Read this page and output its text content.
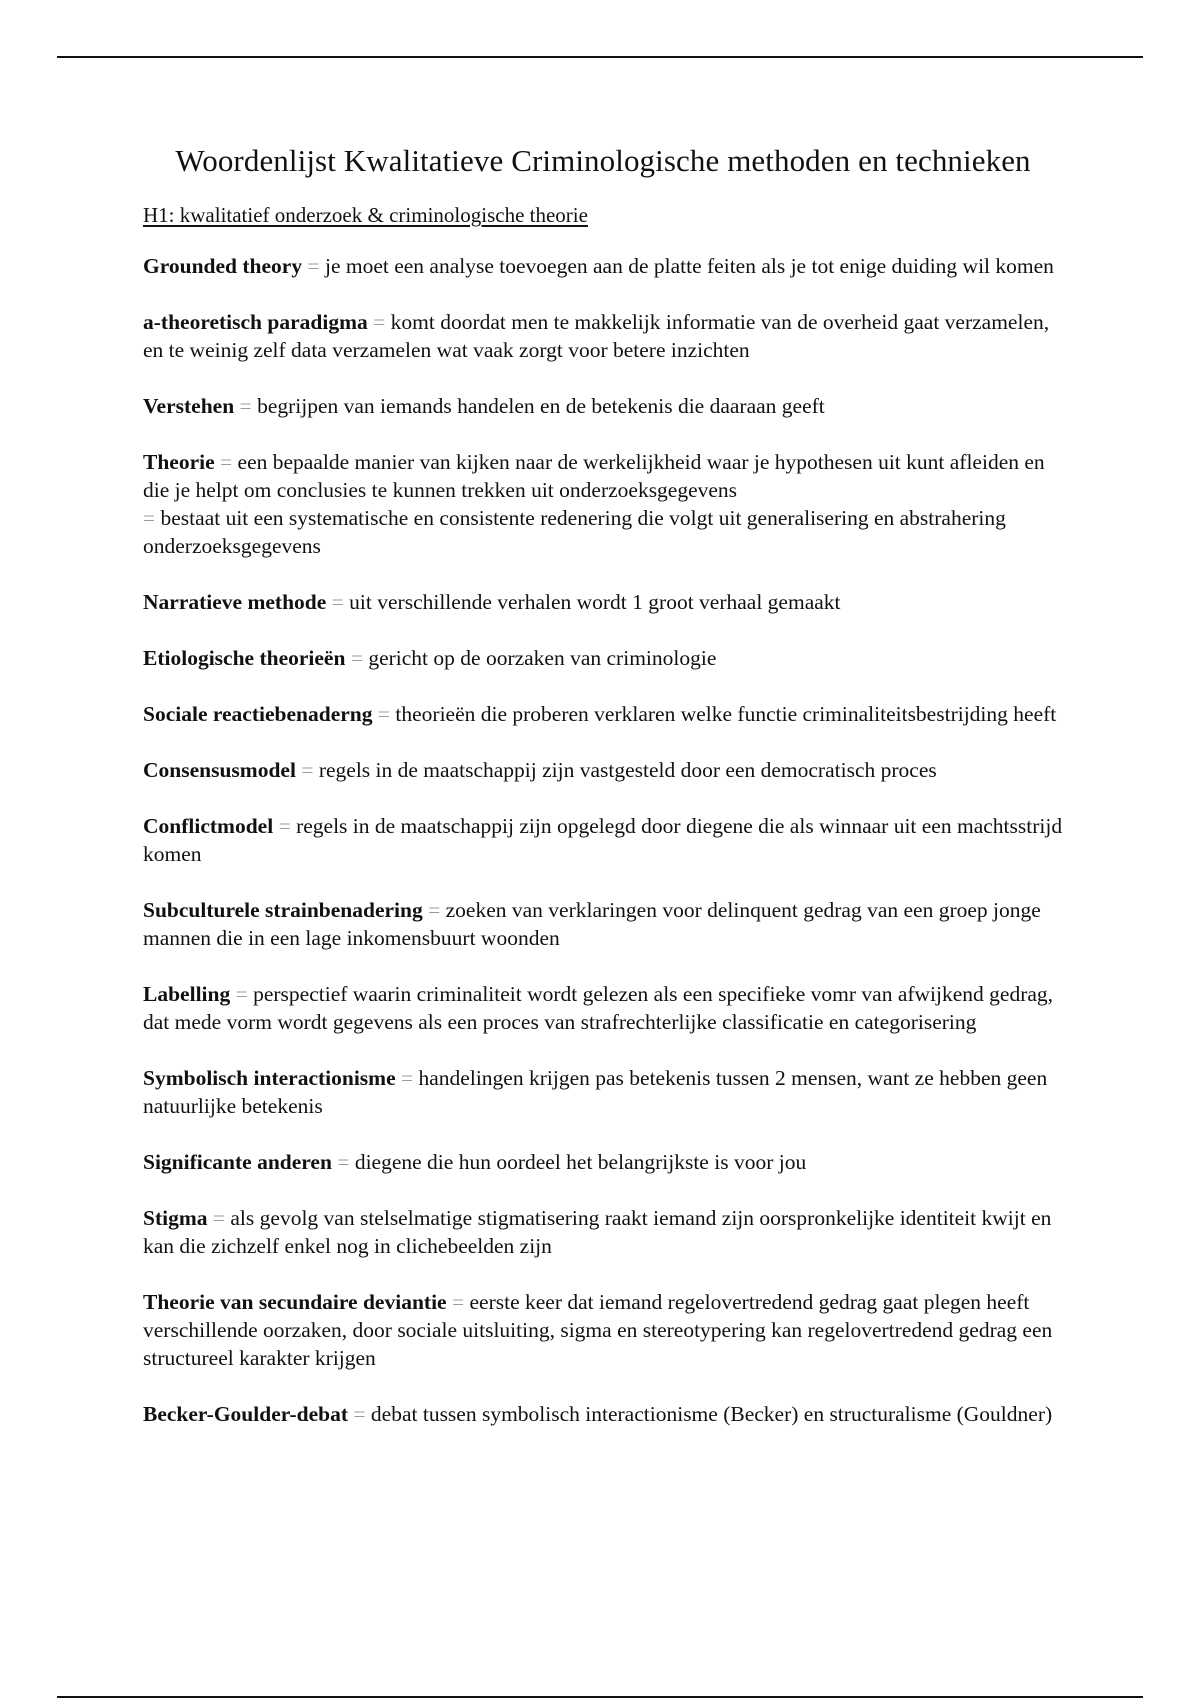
Woordenlijst Kwalitatieve Criminologische methoden en technieken
H1: kwalitatief onderzoek & criminologische theorie

Grounded theory = je moet een analyse toevoegen aan de platte feiten als je tot enige duiding wil komen

a-theoretisch paradigma = komt doordat men te makkelijk informatie van de overheid gaat verzamelen, en te weinig zelf data verzamelen wat vaak zorgt voor betere inzichten

Verstehen = begrijpen van iemands handelen en de betekenis die daaraan geeft

Theorie = een bepaalde manier van kijken naar de werkelijkheid waar je hypothesen uit kunt afleiden en die je helpt om conclusies te kunnen trekken uit onderzoeksgegevens
= bestaat uit een systematische en consistente redenering die volgt uit generalisering en abstrahering onderzoeksgegevens

Narratieve methode = uit verschillende verhalen wordt 1 groot verhaal gemaakt

Etiologische theorieën = gericht op de oorzaken van criminologie

Sociale reactiebenaderng = theorieën die proberen verklaren welke functie criminaliteitsbestrijding heeft

Consensusmodel = regels in de maatschappij zijn vastgesteld door een democratisch proces

Conflictmodel = regels in de maatschappij zijn opgelegd door diegene die als winnaar uit een machtsstrijd komen

Subculturele strainbenadering = zoeken van verklaringen voor delinquent gedrag van een groep jonge mannen die in een lage inkomensbuurt woonden

Labelling = perspectief waarin criminaliteit wordt gelezen als een specifieke vomr van afwijkend gedrag, dat mede vorm wordt gegevens als een proces van strafrechterlijke classificatie en categorisering

Symbolisch interactionisme = handelingen krijgen pas betekenis tussen 2 mensen, want ze hebben geen natuurlijke betekenis

Significante anderen = diegene die hun oordeel het belangrijkste is voor jou

Stigma = als gevolg van stelselmatige stigmatisering raakt iemand zijn oorspronkelijke identiteit kwijt en kan die zichzelf enkel nog in clichebeelden zijn

Theorie van secundaire deviantie = eerste keer dat iemand regelovertredend gedrag gaat plegen heeft verschillende oorzaken, door sociale uitsluiting, sigma en stereotypering kan regelovertredend gedrag een structureel karakter krijgen

Becker-Goulder-debat = debat tussen symbolisch interactionisme (Becker) en structuralisme (Gouldner)
